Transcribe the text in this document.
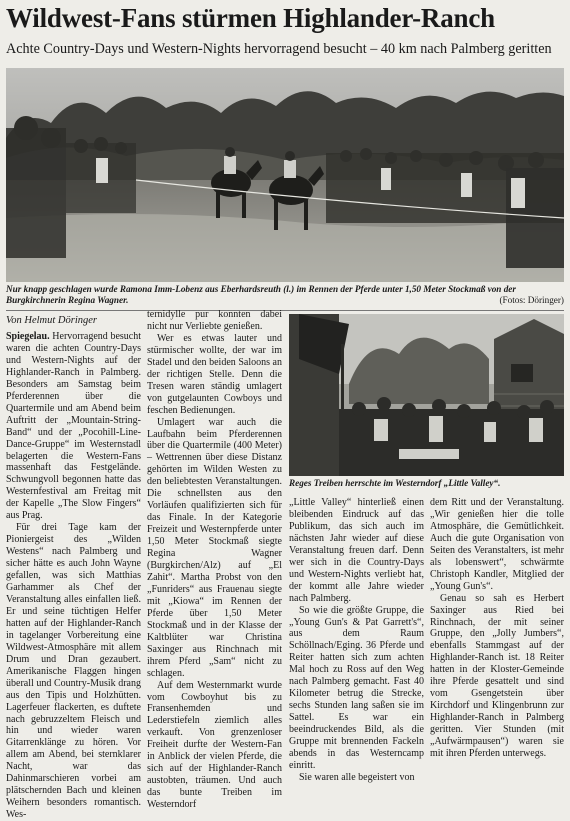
Wildwest-Fans stürmen Highlander-Ranch
Achte Country-Days und Western-Nights hervorragend besucht – 40 km nach Palmberg geritten
Nur knapp geschlagen wurde Ramona Imm-Lobenz aus Eberhardsreuth (l.) im Rennen der Pferde unter 1,50 Meter Stockmaß von der Burgkirchnerin Regina Wagner.	(Fotos: Döringer)
Von Helmut Döringer

Spiegelau. Hervorragend besucht waren die achten Country-Days und Western-Nights auf der Highlander-Ranch in Palmberg. Besonders am Samstag beim Pferderennen über die Quartermile und am Abend beim Auftritt der „Mountain-String-Band“ und der „Pocohill-Line-Dance-Gruppe“ im Westernstadl belagerten die Western-Fans massenhaft das Festgelände. Schwungvoll begonnen hatte das Westernfestival am Freitag mit der Kapelle „The Slow Fingers“ aus Prag.

Für drei Tage kam der Pioniergeist des „Wilden Westens“ nach Palmberg und sicher hätte es auch John Wayne gefallen, was sich Matthias Garhammer als Chef der Veranstaltung alles einfallen ließ. Er und seine tüchtigen Helfer hatten auf der Highlander-Ranch in tagelanger Vorbereitung eine Wildwest-Atmosphäre mit allem Drum und Dran gezaubert. Amerikanische Flaggen hingen überall und Country-Musik drang aus den Tipis und Holzhütten. Lagerfeuer flackerten, es duftete nach gebruzzeltem Fleisch und hin und wieder waren Gitarrenklänge zu hören. Vor allem am Abend, bei sternklarer Nacht, war das Dahinmarschieren vorbei am plätschernden Bach und kleinen Weihern besonders romantisch. Wes-

ternidylle pur konnten dabei nicht nur Verliebte genießen.

Wer es etwas lauter und stürmischer wollte, der war im Stadel und den beiden Saloons an der richtigen Stelle. Denn die Tresen waren ständig umlagert von gutgelaunten Cowboys und feschen Bedienungen.

Umlagert war auch die Laufbahn beim Pferderennen über die Quartermile (400 Meter) – Wettrennen über diese Distanz gehörten im Wilden Westen zu den beliebtesten Veranstaltungen. Die schnellsten aus den Vorläufen qualifizierten sich für das Finale. In der Kategorie Freizeit und Westernpferde unter 1,50 Meter Stockmaß siegte Regina Wagner (Burgkirchen/Alz) auf „El Zahit“. Martha Probst von den „Funriders“ aus Frauenau siegte mit „Kiowa“ im Rennen der Pferde über 1,50 Meter Stockmaß und in der Klasse der Kaltblüter war Christina Saxinger aus Rinchnach mit ihrem Pferd „Sam“ nicht zu schlagen.

Auf dem Westernmarkt wurde vom Cowboyhut bis zu Fransenhemden und Lederstiefeln ziemlich alles verkauft. Von grenzenloser Freiheit durfte der Western-Fan in Anblick der vielen Pferde, die sich auf der Highlander-Ranch austobten, träumen. Und auch das bunte Treiben im Westerndorf

Reges Treiben herrschte im Westerndorf „Little Valley“.

„Little Valley“ hinterließ einen bleibenden Eindruck auf das Publikum, das sich auch im nächsten Jahr wieder auf diese Veranstaltung freuen darf. Denn wer sich in die Country-Days und Western-Nights verliebt hat, der kommt alle Jahre wieder nach Palmberg.

So wie die größte Gruppe, die „Young Gun's & Pat Garrett's“, aus dem Raum Schöllnach/Eging. 36 Pferde und Reiter hatten sich zum achten Mal hoch zu Ross auf den Weg nach Palmberg gemacht. Fast 40 Kilometer betrug die Strecke, sechs Stunden lang saßen sie im Sattel. Es war ein beeindruckendes Bild, als die Gruppe mit brennenden Fackeln abends in das Westerncamp einritt.

Sie waren alle begeistert von

dem Ritt und der Veranstaltung. „Wir genießen hier die tolle Atmosphäre, die Gemütlichkeit. Auch die gute Organisation von Seiten des Veranstalters, ist mehr als lobenswert“, schwärmte Christoph Kandler, Mitglied der „Young Gun's“.

Genau so sah es Herbert Saxinger aus Ried bei Rinchnach, der mit seiner Gruppe, den „Jolly Jumbers“, ebenfalls Stammgast auf der Highlander-Ranch ist. 18 Reiter hatten in der Kloster-Gemeinde ihre Pferde gesattelt und sind vom Gsengetstein über Kirchdorf und Klingenbrunn zur Highlander-Ranch in Palmberg geritten. Vier Stunden (mit „Aufwärmpausen“) waren sie mit ihren Pferden unterwegs.
